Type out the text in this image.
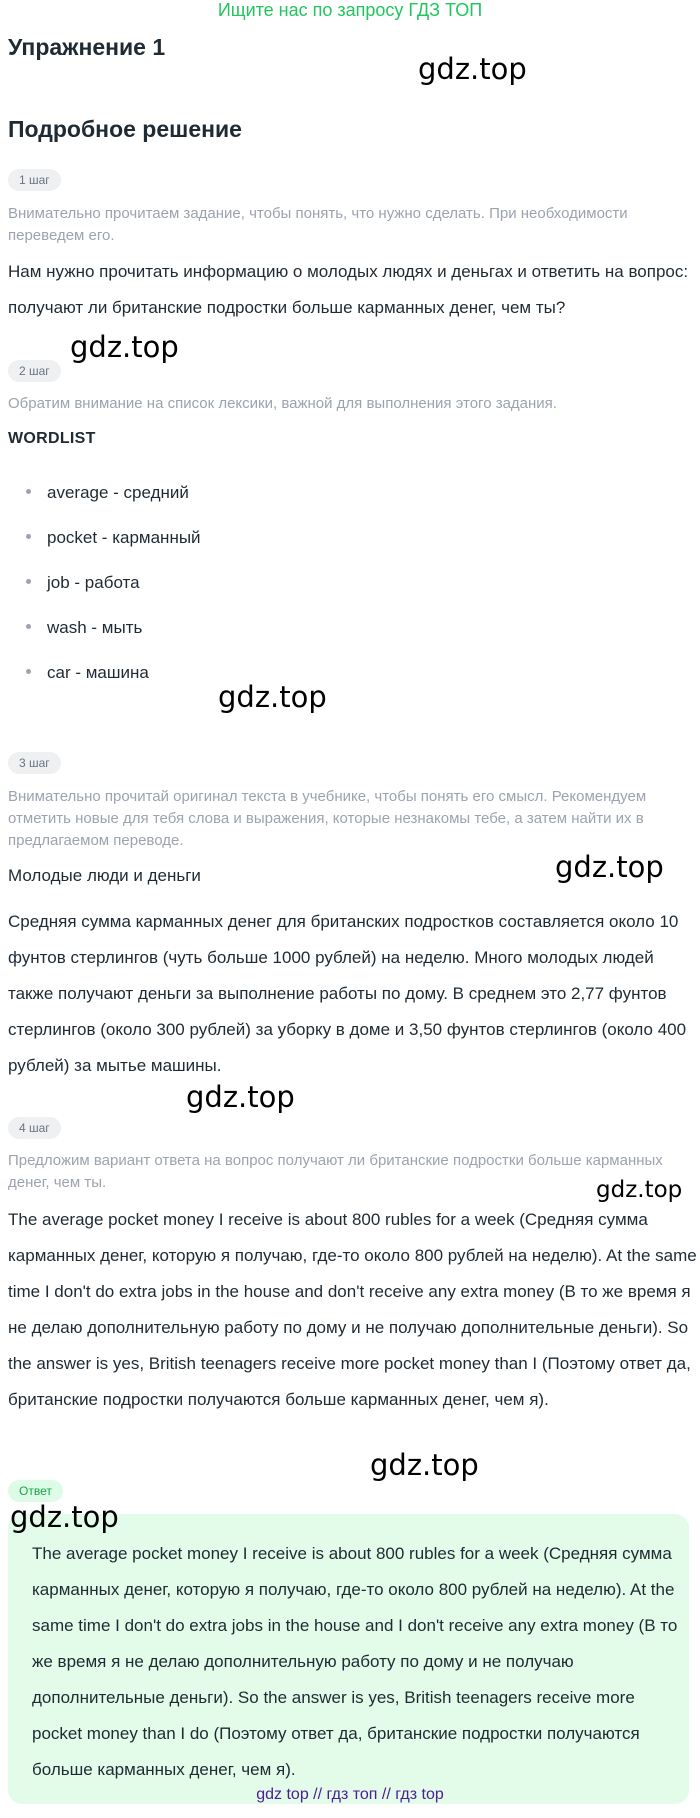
Ищите нас по запросу ГДЗ ТОП
Упражнение 1
gdz.top
Подробное решение
1 шаг
Внимательно прочитаем задание, чтобы понять, что нужно сделать. При необходимости переведем его.
Нам нужно прочитать информацию о молодых людях и деньгах и ответить на вопрос: получают ли британские подростки больше карманных денег, чем ты?
gdz.top
2 шаг
Обратим внимание на список лексики, важной для выполнения этого задания.
WORDLIST
average - средний
pocket - карманный
job - работа
wash - мыть
car - машина
gdz.top
3 шаг
Внимательно прочитай оригинал текста в учебнике, чтобы понять его смысл. Рекомендуем отметить новые для тебя слова и выражения, которые незнакомы тебе, а затем найти их в предлагаемом переводе.
Молодые люди и деньги	gdz.top
Средняя сумма карманных денег для британских подростков составляется около 10 фунтов стерлингов (чуть больше 1000 рублей) на неделю. Много молодых людей также получают деньги за выполнение работы по дому. В среднем это 2,77 фунтов стерлингов (около 300 рублей) за уборку в доме и 3,50 фунтов стерлингов (около 400 рублей) за мытье машины.
gdz.top
4 шаг
Предложим вариант ответа на вопрос получают ли британские подростки больше карманных денег, чем ты.	gdz.top
The average pocket money I receive is about 800 rubles for a week (Средняя сумма карманных денег, которую я получаю, где-то около 800 рублей на неделю). At the same time I don't do extra jobs in the house and don't receive any extra money (В то же время я не делаю дополнительную работу по дому и не получаю дополнительные деньги). So the answer is yes, British teenagers receive more pocket money than I (Поэтому ответ да, британские подростки получаются больше карманных денег, чем я).
gdz.top
Ответ
gdz.top
The average pocket money I receive is about 800 rubles for a week (Средняя сумма карманных денег, которую я получаю, где-то около 800 рублей на неделю). At the same time I don't do extra jobs in the house and I don't receive any extra money (В то же время я не делаю дополнительную работу по дому и не получаю дополнительные деньги). So the answer is yes, British teenagers receive more pocket money than I do (Поэтому ответ да, британские подростки получаются больше карманных денег, чем я).
gdz top // гдз топ // гдз top
